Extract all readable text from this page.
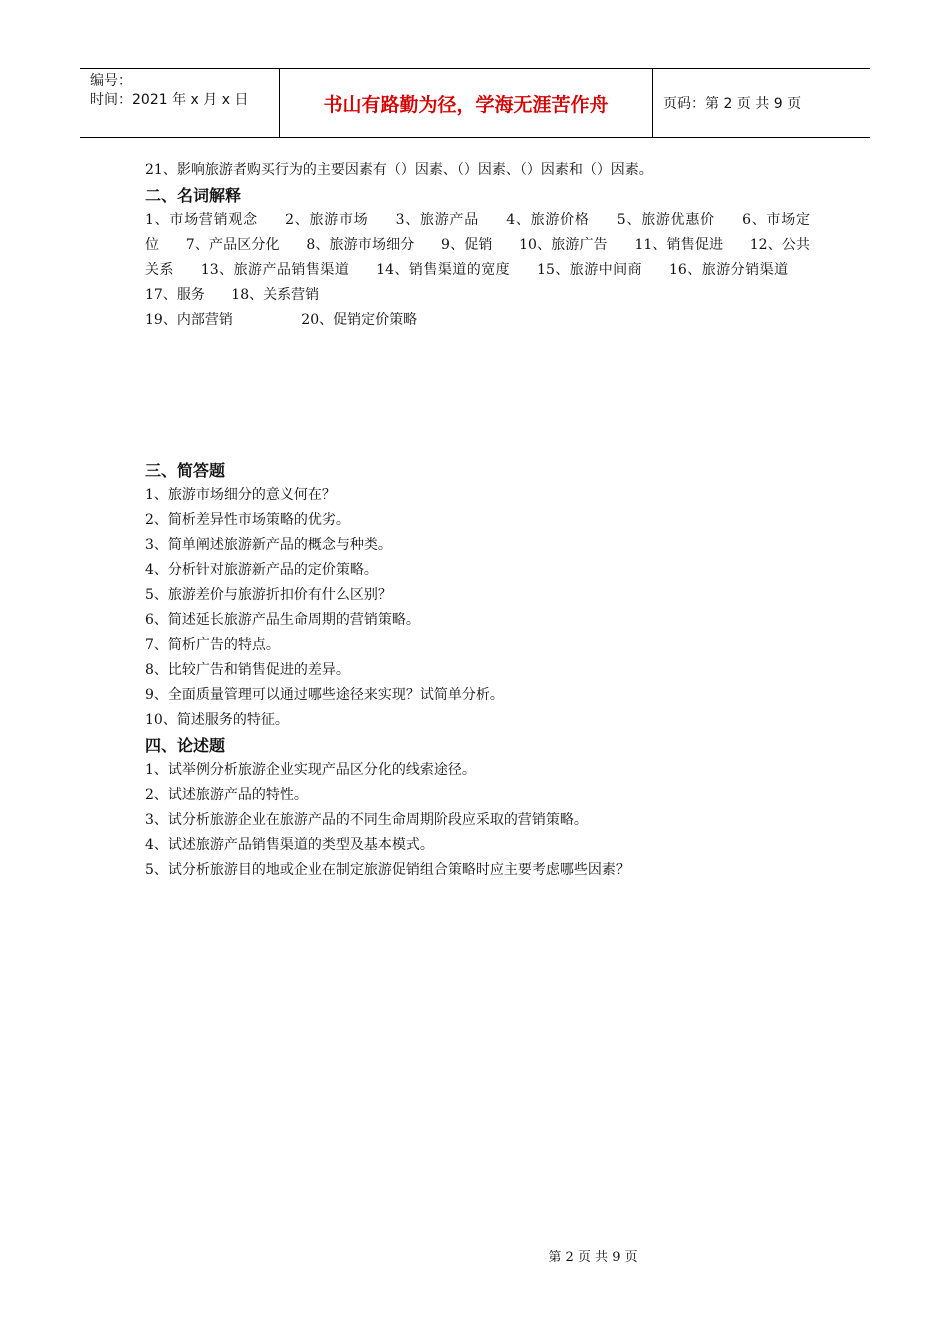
编号：
时间：2021 年 x 月 x 日	书山有路勤为径，学海无涯苦作舟	页码：第 2 页 共 9 页
21、影响旅游者购买行为的主要因素有（）因素、（）因素、（）因素和（）因素。
二、名词解释
1、市场营销观念 2、旅游市场 3、旅游产品 4、旅游价格 5、旅游优惠价 6、市场定位 7、产品区分化 8、旅游市场细分 9、促销 10、旅游广告 11、销售促进 12、公共关系 13、旅游产品销售渠道 14、销售渠道的宽度 15、旅游中间商 16、旅游分销渠道 17、服务 18、关系营销
19、内部营销	20、促销定价策略
三、简答题
1、旅游市场细分的意义何在？
2、简析差异性市场策略的优劣。
3、简单阐述旅游新产品的概念与种类。
4、分析针对旅游新产品的定价策略。
5、旅游差价与旅游折扣价有什么区别？
6、简述延长旅游产品生命周期的营销策略。
7、简析广告的特点。
8、比较广告和销售促进的差异。
9、全面质量管理可以通过哪些途径来实现？试简单分析。
10、简述服务的特征。
四、论述题
1、试举例分析旅游企业实现产品区分化的线索途径。
2、试述旅游产品的特性。
3、试分析旅游企业在旅游产品的不同生命周期阶段应采取的营销策略。
4、试述旅游产品销售渠道的类型及基本模式。
5、试分析旅游目的地或企业在制定旅游促销组合策略时应主要考虑哪些因素？
第 2 页 共 9 页
